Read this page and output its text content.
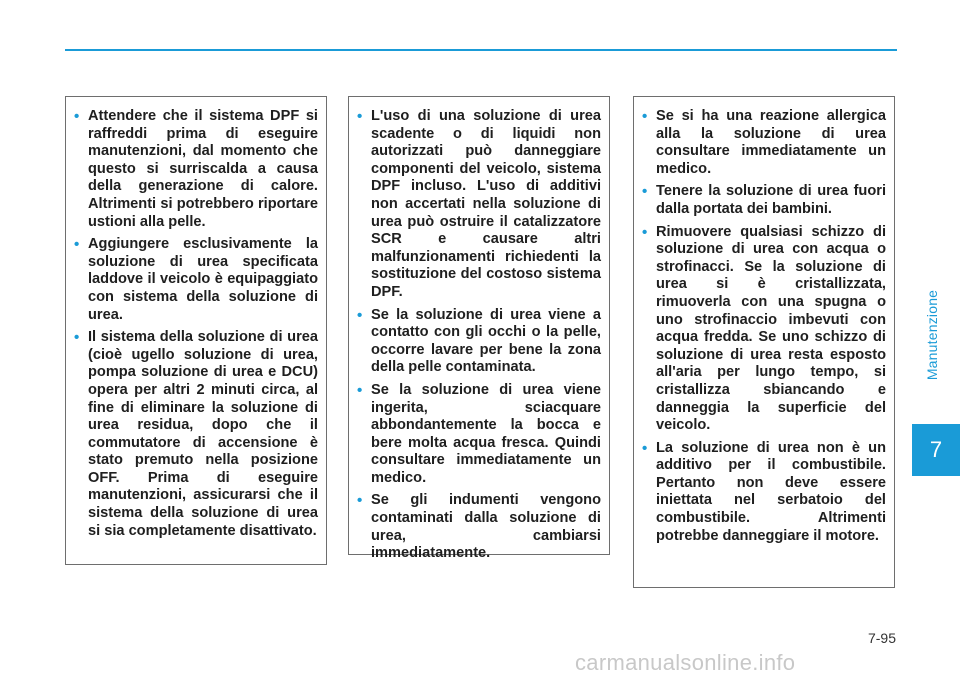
Manutenzione
7
• Attendere che il sistema DPF si raffreddi prima di eseguire manutenzioni, dal momento che questo si surriscalda a causa della generazione di calore. Altrimenti si potrebbero riportare ustioni alla pelle.
• Aggiungere esclusivamente la soluzione di urea specificata laddove il veicolo è equipaggiato con sistema della soluzione di urea.
• Il sistema della soluzione di urea (cioè ugello soluzione di urea, pompa soluzione di urea e DCU) opera per altri 2 minuti circa, al fine di eliminare la soluzione di urea residua, dopo che il commutatore di accensione è stato premuto nella posizione OFF. Prima di eseguire manutenzioni, assicurarsi che il sistema della soluzione di urea si sia completamente disattivato.
• L'uso di una soluzione di urea scadente o di liquidi non autorizzati può danneggiare componenti del veicolo, sistema DPF incluso. L'uso di additivi non accertati nella soluzione di urea può ostruire il catalizzatore SCR e causare altri malfunzionamenti richiedenti la sostituzione del costoso sistema DPF.
• Se la soluzione di urea viene a contatto con gli occhi o la pelle, occorre lavare per bene la zona della pelle contaminata.
• Se la soluzione di urea viene ingerita, sciacquare abbondantemente la bocca e bere molta acqua fresca. Quindi consultare immediatamente un medico.
• Se gli indumenti vengono contaminati dalla soluzione di urea, cambiarsi immediatamente.
• Se si ha una reazione allergica alla la soluzione di urea consultare immediatamente un medico.
• Tenere la soluzione di urea fuori dalla portata dei bambini.
• Rimuovere qualsiasi schizzo di soluzione di urea con acqua o strofinacci. Se la soluzione di urea si è cristallizzata, rimuoverla con una spugna o uno strofinaccio imbevuti con acqua fredda. Se uno schizzo di soluzione di urea resta esposto all'aria per lungo tempo, si cristallizza sbiancando e danneggia la superficie del veicolo.
• La soluzione di urea non è un additivo per il combustibile. Pertanto non deve essere iniettata nel serbatoio del combustibile. Altrimenti potrebbe danneggiare il motore.
7-95
carmanualsonline.info
